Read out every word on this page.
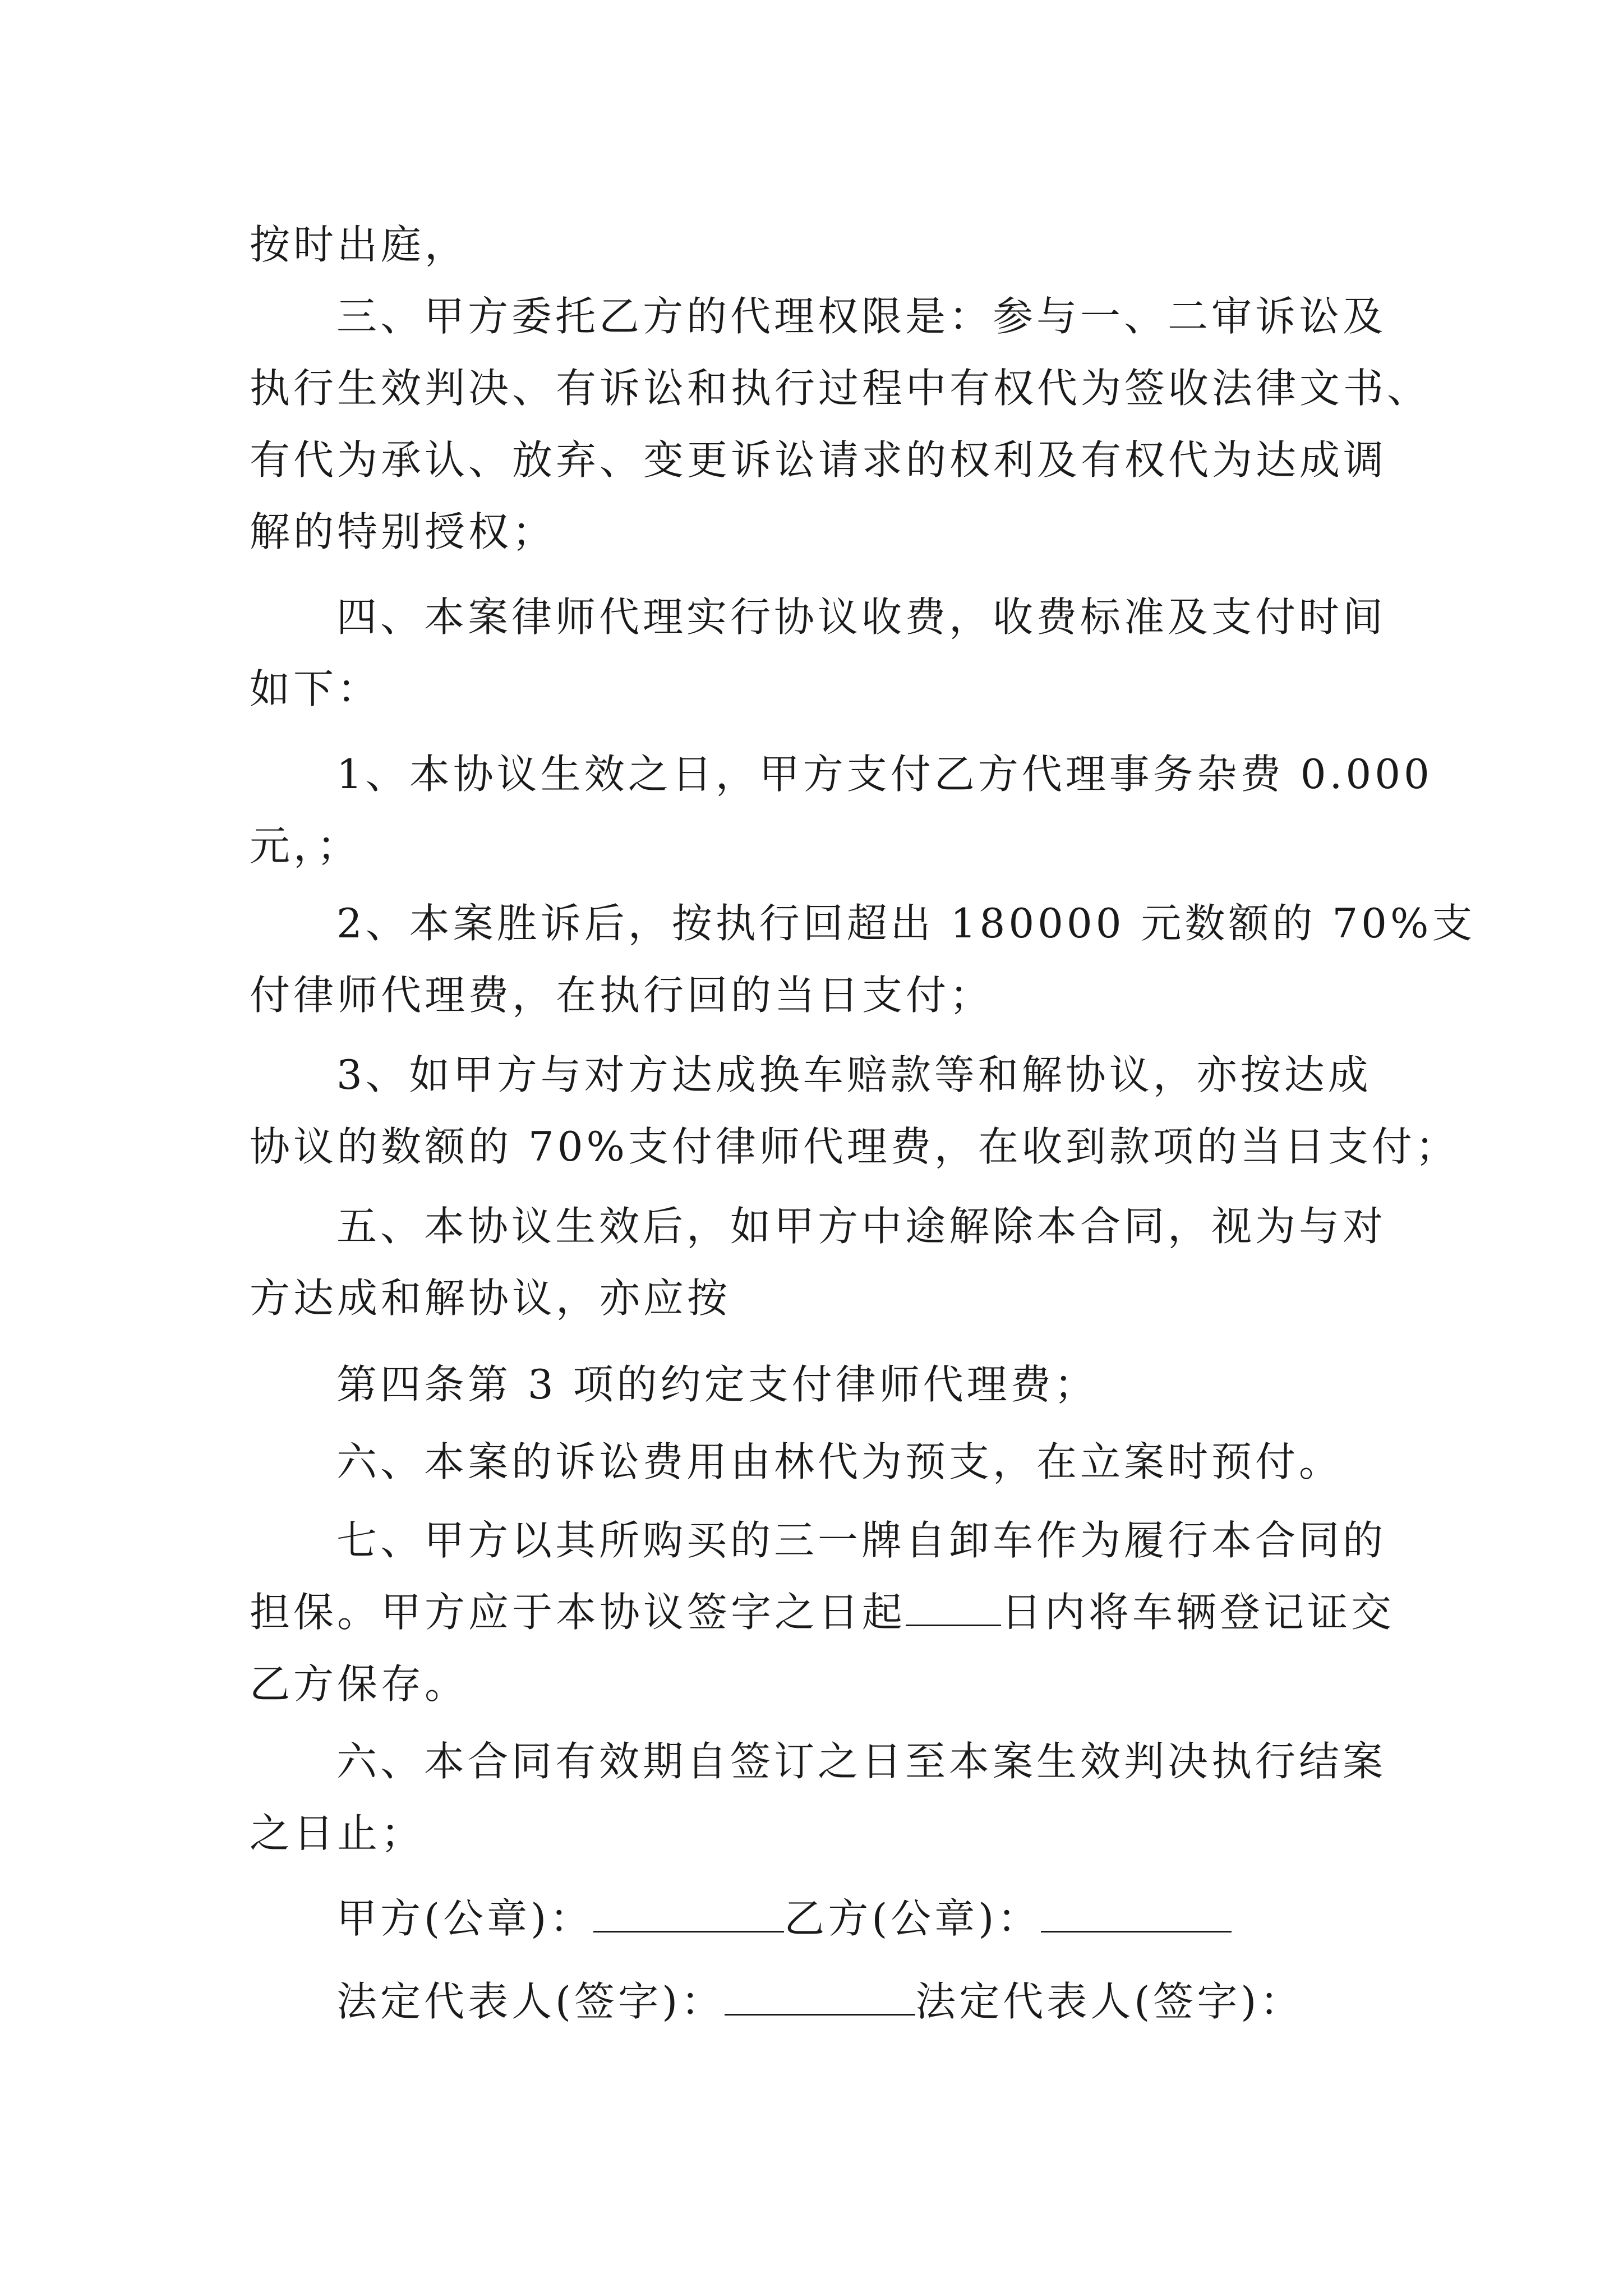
按时出庭，
三、甲方委托乙方的代理权限是：参与一、二审诉讼及
执行生效判决、有诉讼和执行过程中有权代为签收法律文书、
有代为承认、放弃、变更诉讼请求的权利及有权代为达成调
解的特别授权；
四、本案律师代理实行协议收费，收费标准及支付时间
如下：
1、本协议生效之日，甲方支付乙方代理事务杂费 0.000
元，；
2、本案胜诉后，按执行回超出 180000 元数额的 70%支
付律师代理费，在执行回的当日支付；
3、如甲方与对方达成换车赔款等和解协议，亦按达成
协议的数额的 70%支付律师代理费，在收到款项的当日支付；
五、本协议生效后，如甲方中途解除本合同，视为与对
方达成和解协议，亦应按
第四条第 3 项的约定支付律师代理费；
六、本案的诉讼费用由林代为预支，在立案时预付。
七、甲方以其所购买的三一牌自卸车作为履行本合同的
担保。甲方应于本协议签字之日起 日内将车辆登记证交
乙方保存。
六、本合同有效期自签订之日至本案生效判决执行结案
之日止；
甲方(公章)：	乙方(公章)：
法定代表人(签字)：	法定代表人(签字)：
